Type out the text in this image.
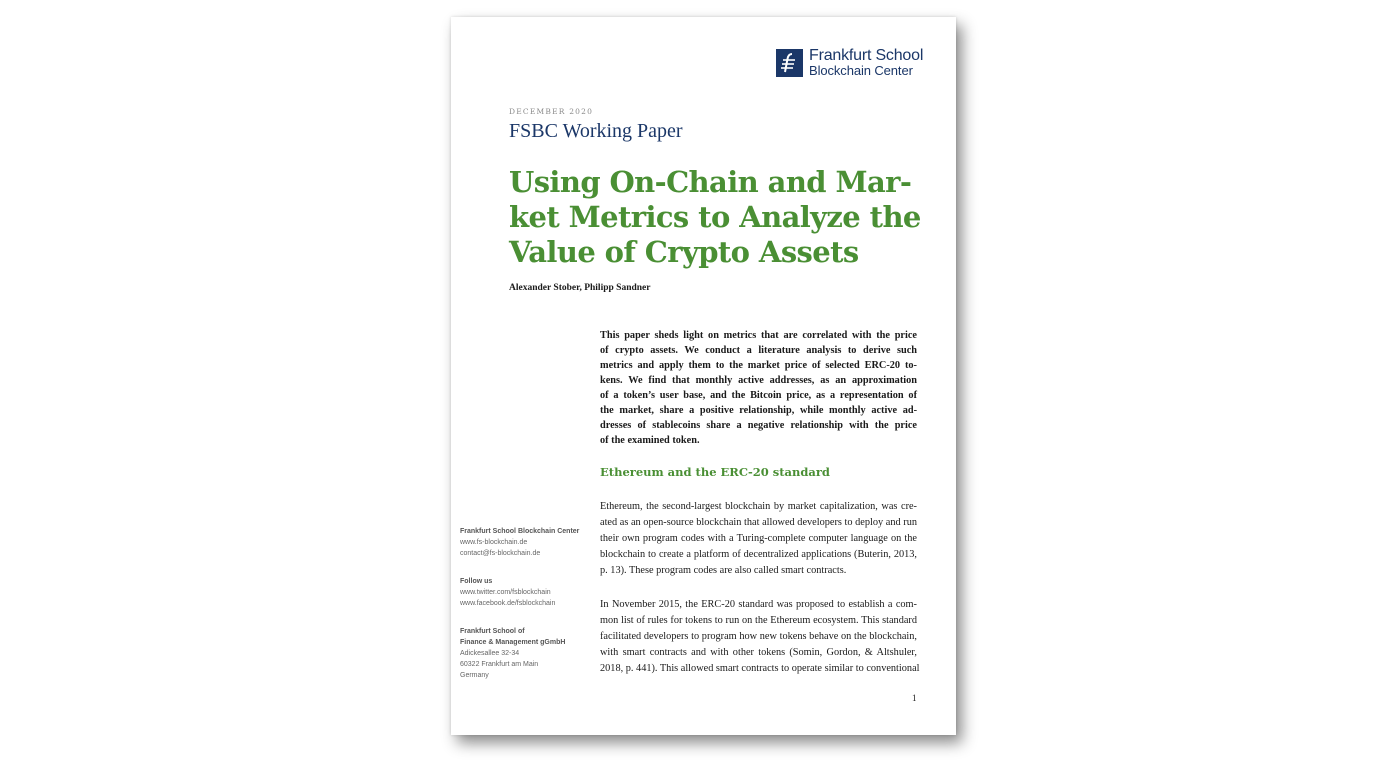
Frankfurt School
Blockchain Center
DECEMBER 2020
FSBC Working Paper
Using On-Chain and Mar-
ket Metrics to Analyze the
Value of Crypto Assets
Alexander Stober, Philipp Sandner
This paper sheds light on metrics that are correlated with the price
of crypto assets. We conduct a literature analysis to derive such
metrics and apply them to the market price of selected ERC-20 to-
kens. We find that monthly active addresses, as an approximation
of a token’s user base, and the Bitcoin price, as a representation of
the market, share a positive relationship, while monthly active ad-
dresses of stablecoins share a negative relationship with the price
of the examined token.
Ethereum and the ERC-20 standard
Ethereum, the second-largest blockchain by market capitalization, was cre-
ated as an open-source blockchain that allowed developers to deploy and run
their own program codes with a Turing-complete computer language on the
blockchain to create a platform of decentralized applications (Buterin, 2013,
p. 13). These program codes are also called smart contracts.
In November 2015, the ERC-20 standard was proposed to establish a com-
mon list of rules for tokens to run on the Ethereum ecosystem. This standard
facilitated developers to program how new tokens behave on the blockchain,
with smart contracts and with other tokens (Somin, Gordon, & Altshuler,
2018, p. 441). This allowed smart contracts to operate similar to conventional
Frankfurt School Blockchain Center
www.fs-blockchain.de
contact@fs-blockchain.de
Follow us
www.twitter.com/fsblockchain
www.facebook.de/fsblockchain
Frankfurt School of
Finance & Management gGmbH
Adickesallee 32-34
60322 Frankfurt am Main
Germany
1
